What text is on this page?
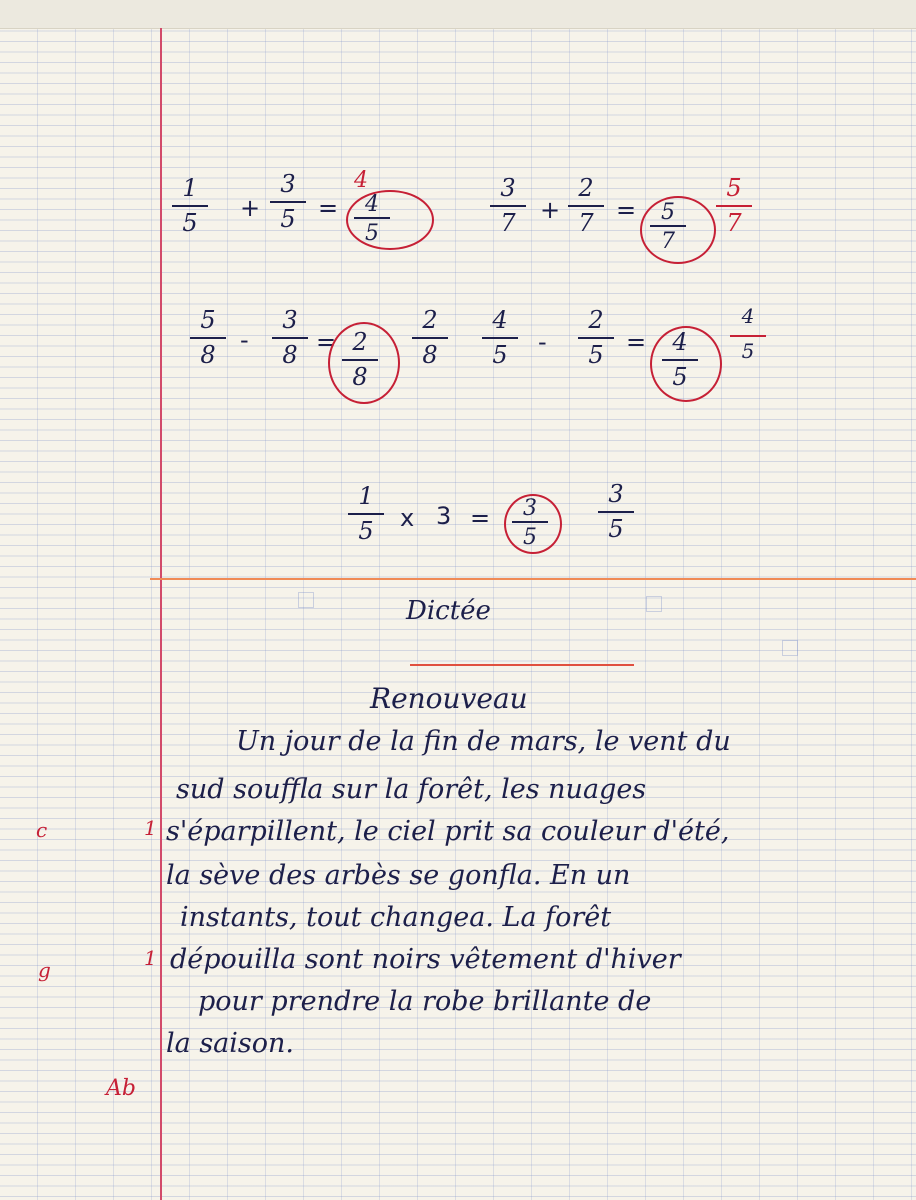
1
5
+
3
5 =
4
4
5
3
7	+
2
7 =	5
7
5
7
5
8
-
3
8 = 2
8
2
8
4
5	-
2
5 =	4
5
4
5
1
5	x 3 =	3
5
3
5
Dictée
Renouveau
Un jour de la fin de mars, le vent du
sud souffla sur la forêt, les nuages
s'éparpillent, le ciel prit sa couleur d'été,
la sève des arbès se gonfla. En un
instants, tout changea. La forêt
dépouilla sont noirs vêtement d'hiver
pour prendre la robe brillante de
la saison.
c	1
g	1
Ab
